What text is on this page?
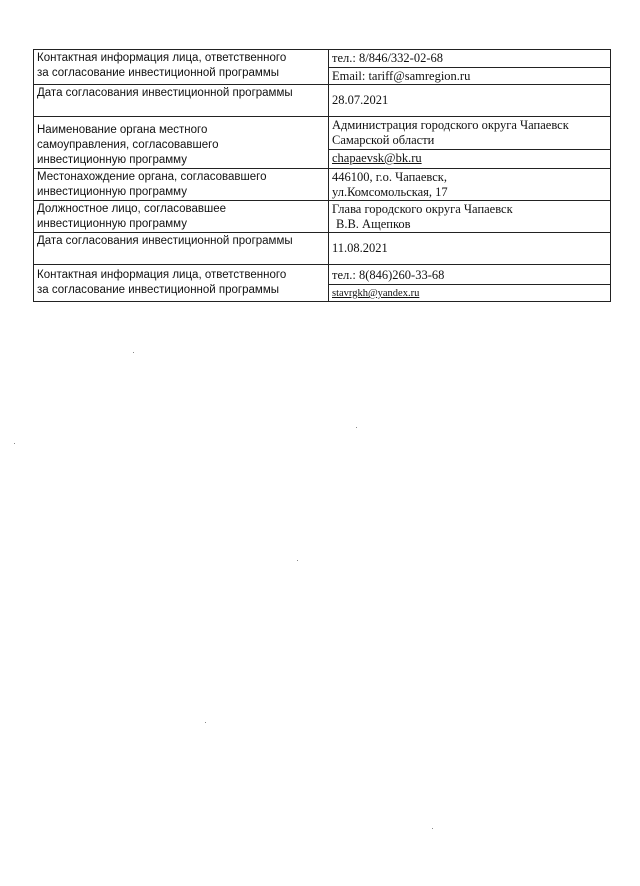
Контактная информация лица, ответственного
за согласование инвестиционной программы	тел.: 8/846/332-02-68
Email: tariff@samregion.ru

Дата согласования инвестиционной программы	28.07.2021

Наименование органа местного
самоуправления, согласовавшего
инвестиционную программу	Администрация городского округа Чапаевск
Самарской области
chapaevsk@bk.ru

Местонахождение органа, согласовавшего
инвестиционную программу	446100, г.о. Чапаевск,
ул.Комсомольская, 17

Должностное лицо, согласовавшее
инвестиционную программу	Глава городского округа Чапаевск
В.В. Ащепков

Дата согласования инвестиционной программы	11.08.2021

Контактная информация лица, ответственного
за согласование инвестиционной программы	тел.: 8(846)260-33-68
stavrgkh@yandex.ru
